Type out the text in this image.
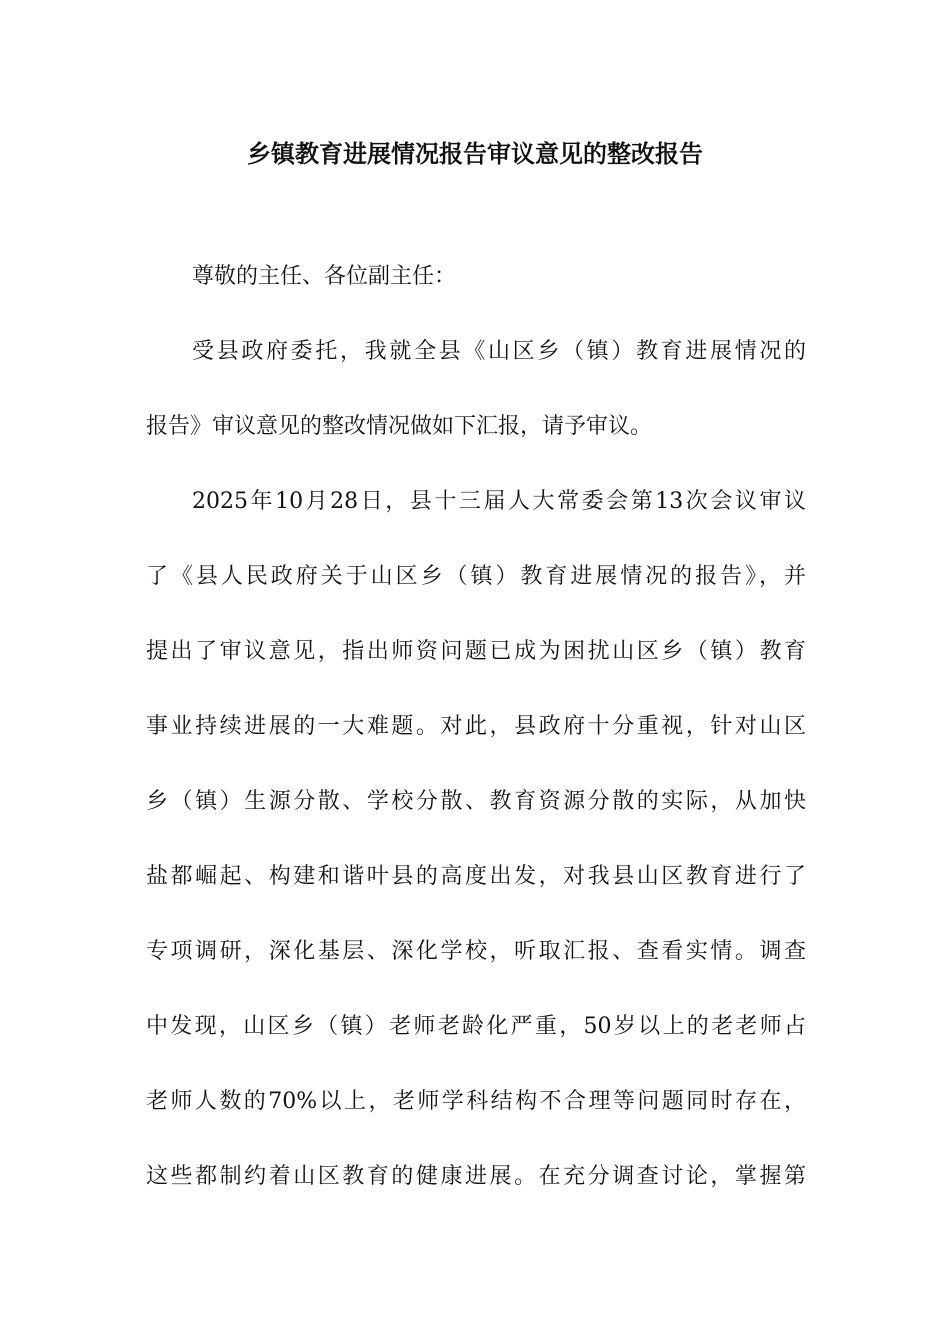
乡镇教育进展情况报告审议意见的整改报告
尊敬的主任、各位副主任：
受县政府委托，我就全县《山区乡（镇）教育进展情况的
报告》审议意见的整改情况做如下汇报，请予审议。
2025年10月28日，县十三届人大常委会第13次会议审议
了《县人民政府关于山区乡（镇）教育进展情况的报告》，并
提出了审议意见，指出师资问题已成为困扰山区乡（镇）教育
事业持续进展的一大难题。对此，县政府十分重视，针对山区
乡（镇）生源分散、学校分散、教育资源分散的实际，从加快
盐都崛起、构建和谐叶县的高度出发，对我县山区教育进行了
专项调研，深化基层、深化学校，听取汇报、查看实情。调查
中发现，山区乡（镇）老师老龄化严重，50岁以上的老老师占
老师人数的70%以上，老师学科结构不合理等问题同时存在，
这些都制约着山区教育的健康进展。在充分调查讨论，掌握第
